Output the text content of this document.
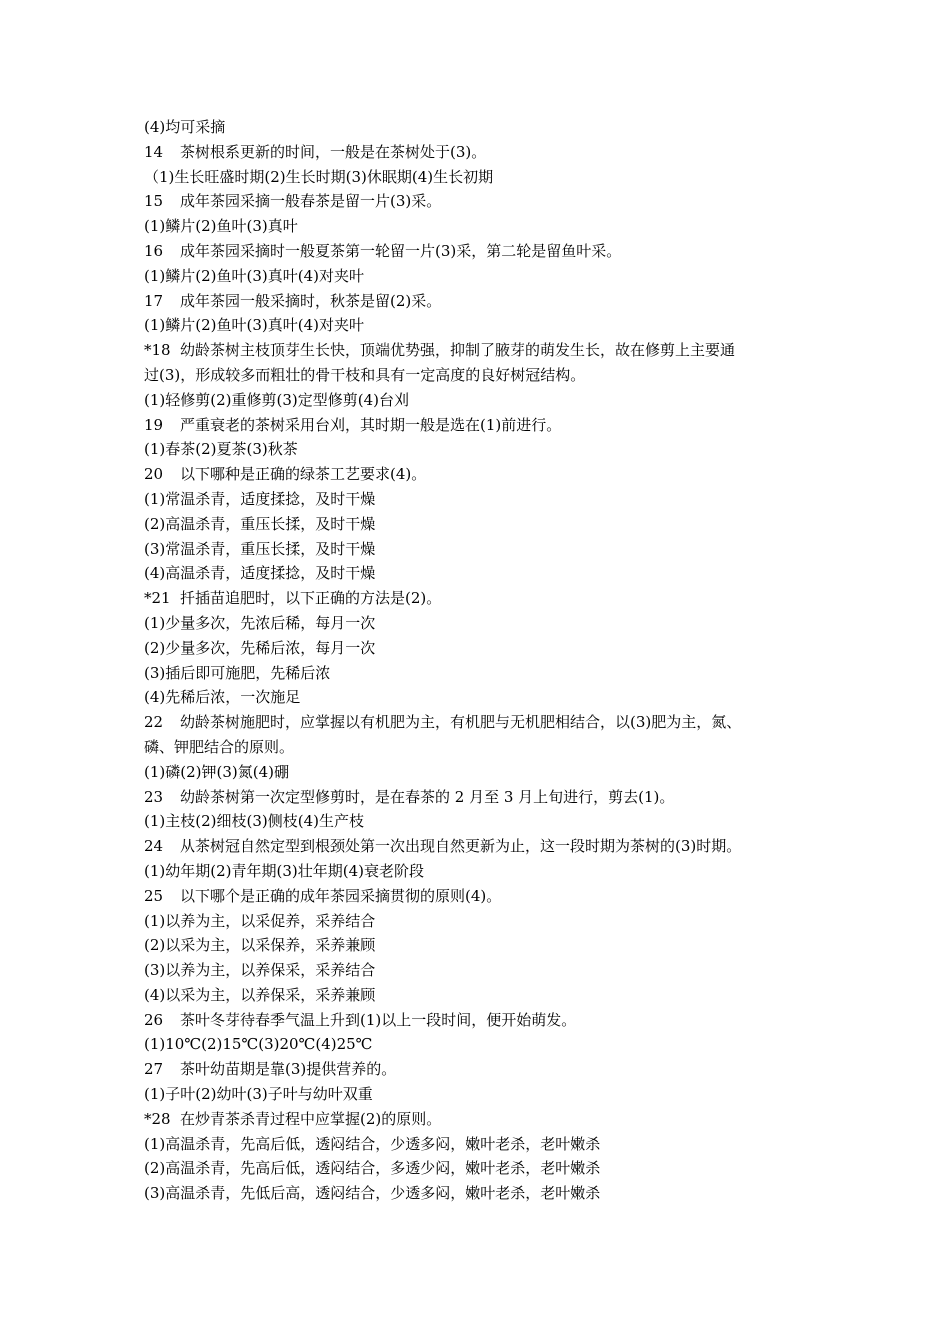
(4)均可采摘
14 茶树根系更新的时间，一般是在茶树处于(3)。
（1)生长旺盛时期(2)生长时期(3)休眠期(4)生长初期
15 成年茶园采摘一般春茶是留一片(3)采。
(1)鳞片(2)鱼叶(3)真叶
16 成年茶园采摘时一般夏茶第一轮留一片(3)采，第二轮是留鱼叶采。
(1)鳞片(2)鱼叶(3)真叶(4)对夹叶
17 成年茶园一般采摘时，秋茶是留(2)采。
(1)鳞片(2)鱼叶(3)真叶(4)对夹叶
*18 幼龄茶树主枝顶芽生长快，顶端优势强，抑制了腋芽的萌发生长，故在修剪上主要通
过(3)，形成较多而粗壮的骨干枝和具有一定高度的良好树冠结构。
(1)轻修剪(2)重修剪(3)定型修剪(4)台刈
19 严重衰老的茶树采用台刈，其时期一般是选在(1)前进行。
(1)春茶(2)夏茶(3)秋茶
20 以下哪种是正确的绿茶工艺要求(4)。
(1)常温杀青，适度揉捻，及时干燥
(2)高温杀青，重压长揉，及时干燥
(3)常温杀青，重压长揉，及时干燥
(4)高温杀青，适度揉捻，及时干燥
*21 扦插苗追肥时，以下正确的方法是(2)。
(1)少量多次，先浓后稀，每月一次
(2)少量多次，先稀后浓，每月一次
(3)插后即可施肥，先稀后浓
(4)先稀后浓，一次施足
22 幼龄茶树施肥时，应掌握以有机肥为主，有机肥与无机肥相结合，以(3)肥为主，氮、
磷、钾肥结合的原则。
(1)磷(2)钾(3)氮(4)硼
23 幼龄茶树第一次定型修剪时，是在春茶的 2 月至 3 月上旬进行，剪去(1)。
(1)主枝(2)细枝(3)侧枝(4)生产枝
24 从茶树冠自然定型到根颈处第一次出现自然更新为止，这一段时期为茶树的(3)时期。
(1)幼年期(2)青年期(3)壮年期(4)衰老阶段
25 以下哪个是正确的成年茶园采摘贯彻的原则(4)。
(1)以养为主，以采促养，采养结合
(2)以采为主，以采保养，采养兼顾
(3)以养为主，以养保采，采养结合
(4)以采为主，以养保采，采养兼顾
26 茶叶冬芽待春季气温上升到(1)以上一段时间，便开始萌发。
(1)10℃(2)15℃(3)20℃(4)25℃
27 茶叶幼苗期是靠(3)提供营养的。
(1)子叶(2)幼叶(3)子叶与幼叶双重
*28 在炒青茶杀青过程中应掌握(2)的原则。
(1)高温杀青，先高后低，透闷结合，少透多闷，嫩叶老杀，老叶嫩杀
(2)高温杀青，先高后低，透闷结合，多透少闷，嫩叶老杀，老叶嫩杀
(3)高温杀青，先低后高，透闷结合，少透多闷，嫩叶老杀，老叶嫩杀
